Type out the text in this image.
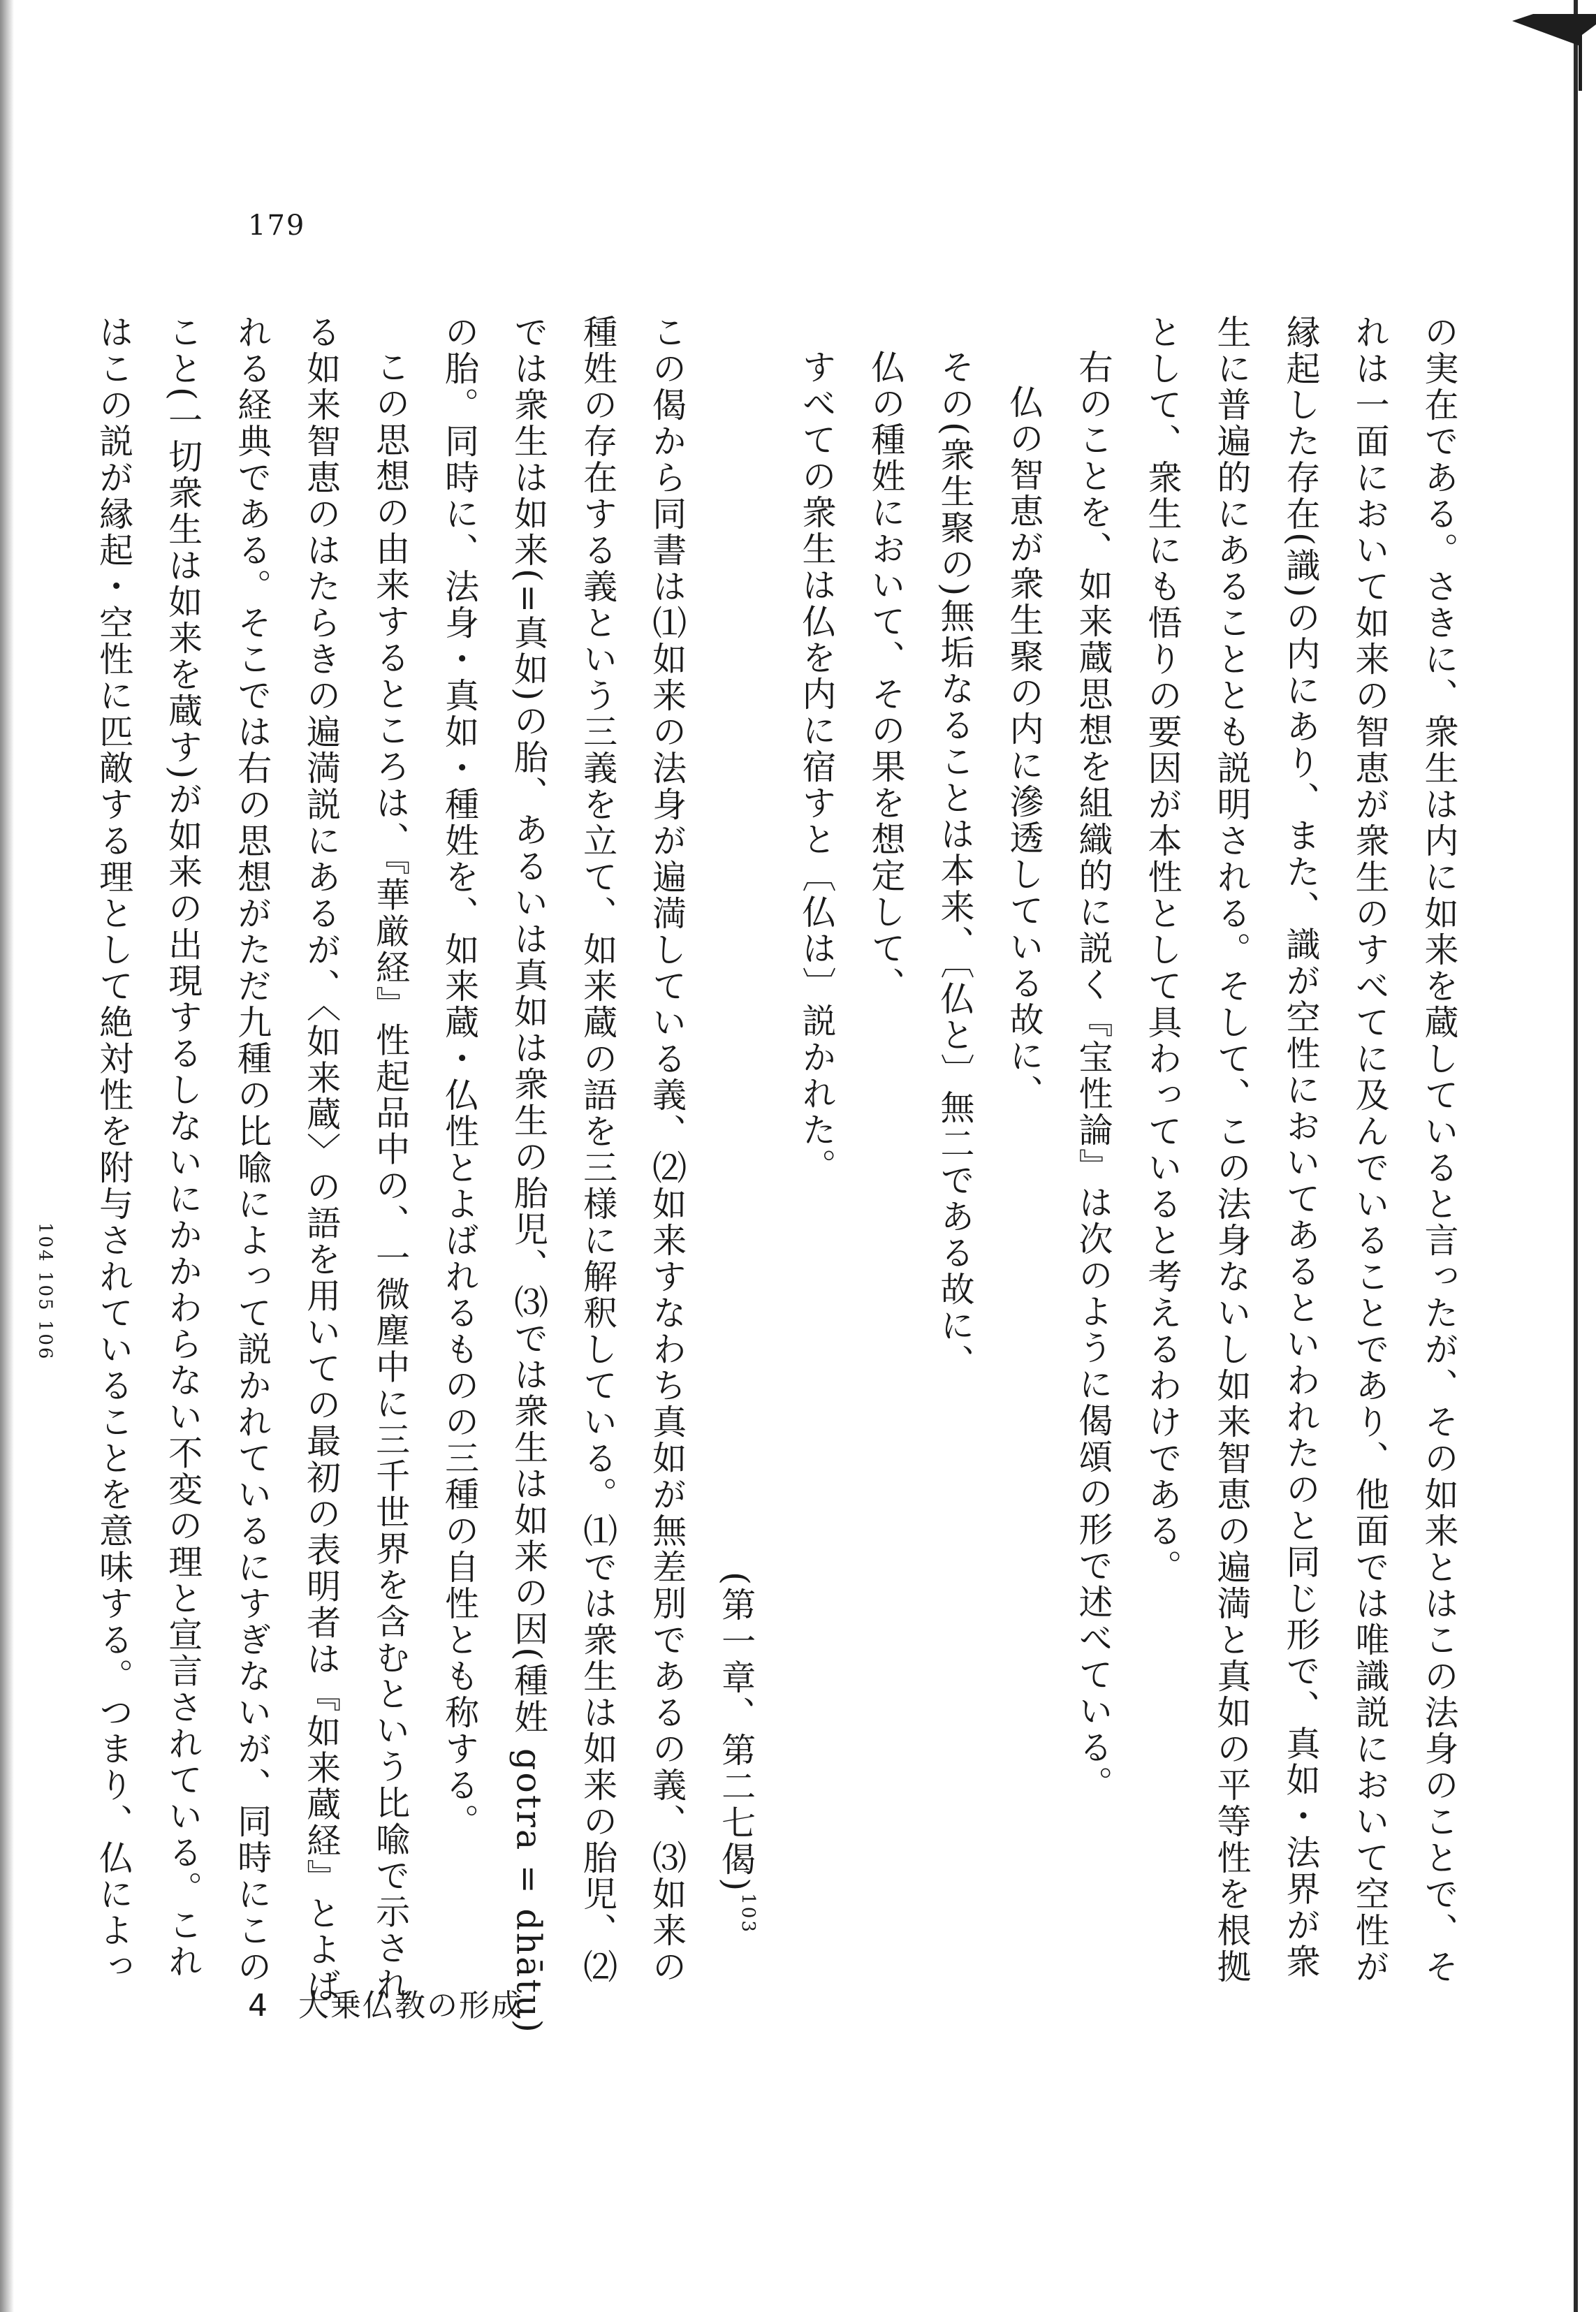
179

の実在である。さきに、衆生は内に如来を蔵していると言ったが、その如来とはこの法身のことで、そ

れは一面において如来の智恵が衆生のすべてに及んでいることであり、他面では唯識説において空性が

縁起した存在(識)の内にあり、また、識が空性においてあるといわれたのと同じ形で、真如・法界が衆

生に普遍的にあることとも説明される。そして、この法身ないし如来智恵の遍満と真如の平等性を根拠

として、衆生にも悟りの要因が本性として具わっていると考えるわけである。

右のことを、如来蔵思想を組織的に説く『宝性論』は次のように偈頌の形で述べている。

仏の智恵が衆生聚の内に滲透している故に、

その(衆生聚の)無垢なることは本来、〔仏と〕無二である故に、

仏の種姓において、その果を想定して、

すべての衆生は仏を内に宿すと〔仏は〕説かれた。

(第一章、第二七偈)$^{103}$

この偈から同書は⑴如来の法身が遍満している義、⑵如来すなわち真如が無差別であるの義、⑶如来の

種姓の存在する義という三義を立て、如来蔵の語を三様に解釈している。⑴では衆生は如来の胎児、⑵

では衆生は如来(=真如)の胎、あるいは真如は衆生の胎児、⑶では衆生は如来の因(種姓 gotra = dhātu)

の胎。同時に、法身・真如・種姓を、如来蔵・仏性とよばれるものの三種の自性とも称する。

この思想の由来するところは、『華厳経』性起品中の、一微塵中に三千世界を含むという比喩で示され

る如来智恵のはたらきの遍満説にあるが、〈如来蔵〉の語を用いての最初の表明者は『如来蔵経』とよば

れる経典である。そこでは右の思想がただ九種の比喩によって説かれているにすぎないが、同時にこの

こと(一切衆生は如来を蔵す)が如来の出現するしないにかかわらない不変の理と宣言されている。これ

はこの説が縁起・空性に匹敵する理として絶対性を附与されていることを意味する。つまり、仏によっ

104 105 106

4 大乗仏教の形成
